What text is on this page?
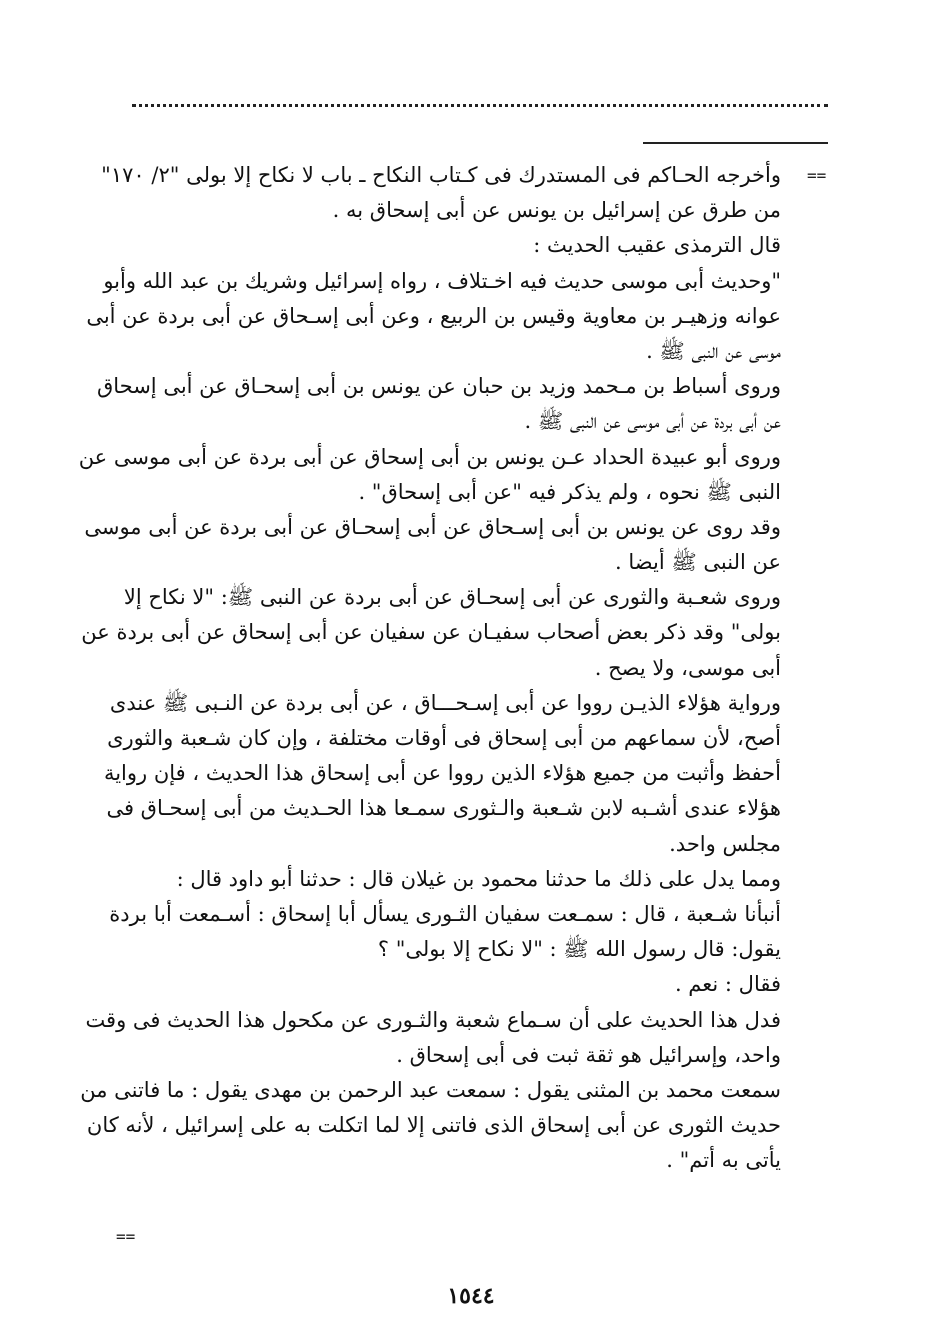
==
وأخرجه الحـاكم فى المستدرك فى كـتاب النكاح ـ باب لا نكاح إلا بولى "٢/ ١٧٠"
من طرق عن إسرائيل بن يونس عن أبى إسحاق به .
قال الترمذى عقيب الحديث :
"وحديث أبى موسى حديث فيه اخـتلاف ، رواه إسرائيل وشريك بن عبد الله وأبو
عوانه وزهيـر بن معاوية وقيس بن الربيع ، وعن أبى إسـحاق عن أبى بردة عن أبى
موسى عن النبى ﷺ .
وروى أسباط بن مـحمد وزيد بن حبان عن يونس بن أبى إسحـاق عن أبى إسحاق
عن أبى بردة عن أبى موسى عن النبى ﷺ .
وروى أبو عبيدة الحداد عـن يونس بن أبى إسحاق عن أبى بردة عن أبى موسى عن
النبى ﷺ نحوه ، ولم يذكر فيه "عن أبى إسحاق" .
وقد روى عن يونس بن أبى إسـحاق عن أبى إسحـاق عن أبى بردة عن أبى موسى
عن النبى ﷺ أيضا .
وروى شعـبة والثورى عن أبى إسحـاق عن أبى بردة عن النبى ﷺ: "لا نكاح إلا
بولى" وقد ذكر بعض أصحاب سفيـان عن سفيان عن أبى إسحاق عن أبى بردة عن
أبى موسى، ولا يصح .
ورواية هؤلاء الذيـن رووا عن أبى إسـحـــاق ، عن أبى بردة عن النـبى ﷺ عندى
أصح، لأن سماعهم من أبى إسحاق فى أوقات مختلفة ، وإن كان شـعبة والثورى
أحفظ وأثبت من جميع هؤلاء الذين رووا عن أبى إسحاق هذا الحديث ، فإن رواية
هؤلاء عندى أشـبه لابن شـعبة والـثورى سمـعا هذا الحـديث من أبى إسحـاق فى
مجلس واحد.
ومما يدل على ذلك ما حدثنا محمود بن غيلان قال : حدثنا أبو داود قال :
أنبأنا شـعبة ، قال : سمـعت سفيان الثـورى يسأل أبا إسحاق : أسـمعت أبا بردة
يقول: قال رسول الله ﷺ : "لا نكاح إلا بولى" ؟
فقال : نعم .
فدل هذا الحديث على أن سـماع شعبة والثـورى عن مكحول هذا الحديث فى وقت
واحد، وإسرائيل هو ثقة ثبت فى أبى إسحاق .
سمعت محمد بن المثنى يقول : سمعت عبد الرحمن بن مهدى يقول : ما فاتنى من
حديث الثورى عن أبى إسحاق الذى فاتنى إلا لما اتكلت به على إسرائيل ، لأنه كان
يأتى به أتم" .
==
١٥٤٤
